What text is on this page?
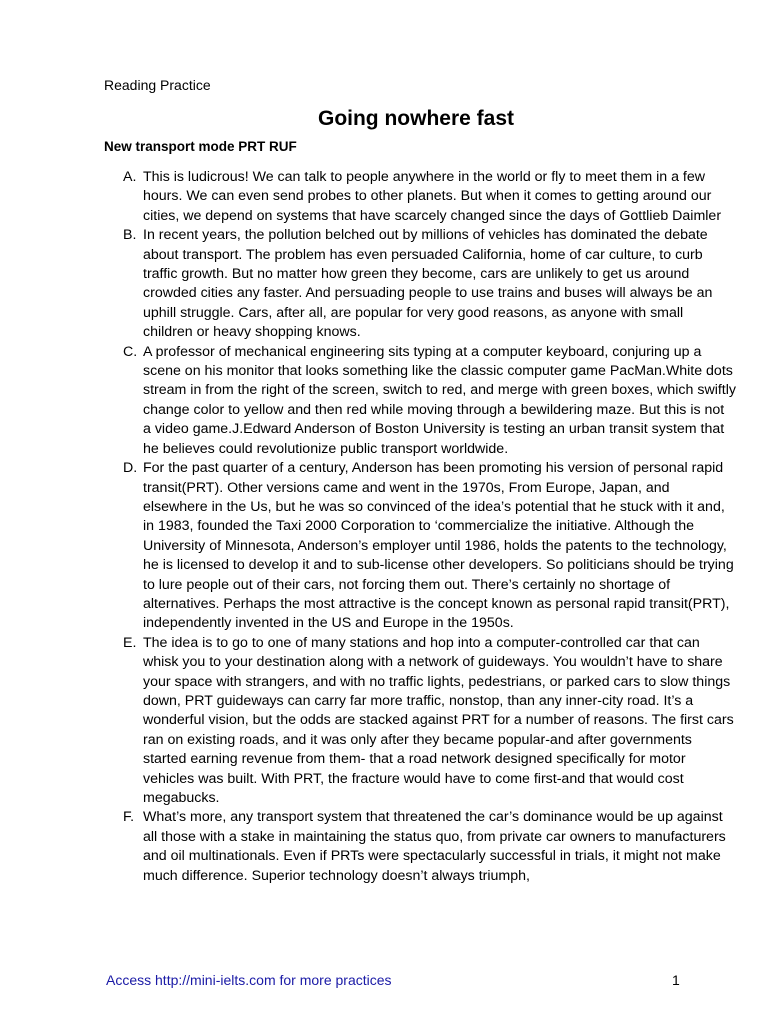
Reading Practice
Going nowhere fast
New transport mode PRT RUF
A. This is ludicrous! We can talk to people anywhere in the world or fly to meet them in a few hours. We can even send probes to other planets. But when it comes to getting around our cities, we depend on systems that have scarcely changed since the days of Gottlieb Daimler
B. In recent years, the pollution belched out by millions of vehicles has dominated the debate about transport. The problem has even persuaded California, home of car culture, to curb traffic growth. But no matter how green they become, cars are unlikely to get us around crowded cities any faster. And persuading people to use trains and buses will always be an uphill struggle. Cars, after all, are popular for very good reasons, as anyone with small children or heavy shopping knows.
C. A professor of mechanical engineering sits typing at a computer keyboard, conjuring up a scene on his monitor that looks something like the classic computer game PacMan.White dots stream in from the right of the screen, switch to red, and merge with green boxes, which swiftly change color to yellow and then red while moving through a bewildering maze. But this is not a video game.J.Edward Anderson of Boston University is testing an urban transit system that he believes could revolutionize public transport worldwide.
D. For the past quarter of a century, Anderson has been promoting his version of personal rapid transit(PRT). Other versions came and went in the 1970s, From Europe, Japan, and elsewhere in the Us, but he was so convinced of the idea’s potential that he stuck with it and, in 1983, founded the Taxi 2000 Corporation to ‘commercialize the initiative. Although the University of Minnesota, Anderson’s employer until 1986, holds the patents to the technology, he is licensed to develop it and to sub-license other developers. So politicians should be trying to lure people out of their cars, not forcing them out. There’s certainly no shortage of alternatives. Perhaps the most attractive is the concept known as personal rapid transit(PRT), independently invented in the US and Europe in the 1950s.
E. The idea is to go to one of many stations and hop into a computer-controlled car that can whisk you to your destination along with a network of guideways. You wouldn’t have to share your space with strangers, and with no traffic lights, pedestrians, or parked cars to slow things down, PRT guideways can carry far more traffic, nonstop, than any inner-city road. It’s a wonderful vision, but the odds are stacked against PRT for a number of reasons. The first cars ran on existing roads, and it was only after they became popular-and after governments started earning revenue from them- that a road network designed specifically for motor vehicles was built. With PRT, the fracture would have to come first-and that would cost megabucks.
F. What’s more, any transport system that threatened the car’s dominance would be up against all those with a stake in maintaining the status quo, from private car owners to manufacturers and oil multinationals. Even if PRTs were spectacularly successful in trials, it might not make much difference. Superior technology doesn’t always triumph,
Access http://mini-ielts.com for more practices	1
